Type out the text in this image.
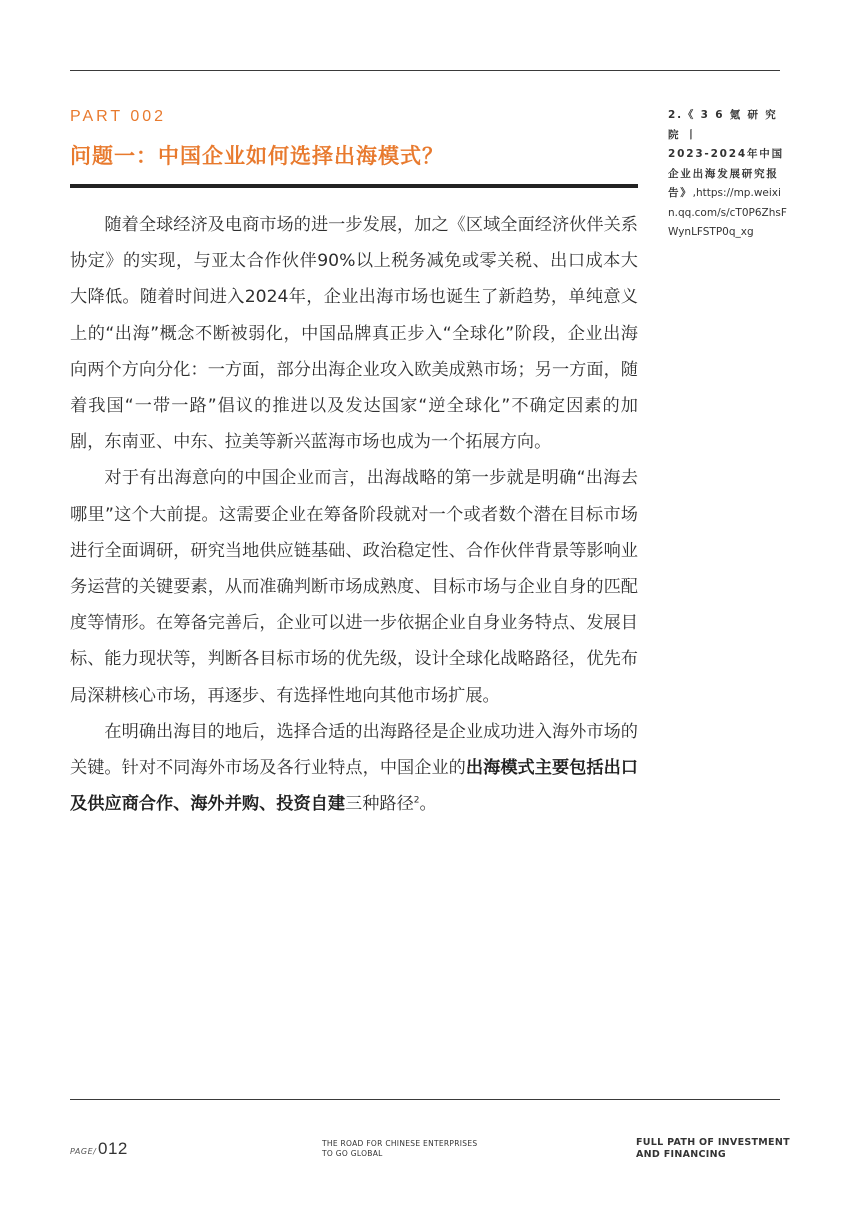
PART 002
问题一：中国企业如何选择出海模式？
2.《 3 6 氪 研 究 院 丨
2023-2024年中国
企业出海发展研究报
告》,https://mp.weixin.qq.com/s/cT0P6ZhsFWynLFSTP0q_xg

随着全球经济及电商市场的进一步发展，加之《区域全面经济伙伴关系协定》的实现，与亚太合作伙伴90%以上税务减免或零关税、出口成本大大降低。随着时间进入2024年，企业出海市场也诞生了新趋势，单纯意义上的“出海”概念不断被弱化，中国品牌真正步入“全球化”阶段，企业出海向两个方向分化：一方面，部分出海企业攻入欧美成熟市场；另一方面，随着我国“一带一路”倡议的推进以及发达国家“逆全球化”不确定因素的加剧，东南亚、中东、拉美等新兴蓝海市场也成为一个拓展方向。

对于有出海意向的中国企业而言，出海战略的第一步就是明确“出海去哪里”这个大前提。这需要企业在筹备阶段就对一个或者数个潜在目标市场进行全面调研，研究当地供应链基础、政治稳定性、合作伙伴背景等影响业务运营的关键要素，从而准确判断市场成熟度、目标市场与企业自身的匹配度等情形。在筹备完善后，企业可以进一步依据企业自身业务特点、发展目标、能力现状等，判断各目标市场的优先级，设计全球化战略路径，优先布局深耕核心市场，再逐步、有选择性地向其他市场扩展。

在明确出海目的地后，选择合适的出海路径是企业成功进入海外市场的关键。针对不同海外市场及各行业特点，中国企业的出海模式主要包括出口及供应商合作、海外并购、投资自建三种路径$^2$。

PAGE/ 012	THE ROAD FOR CHINESE ENTERPRISES
TO GO GLOBAL
FULL PATH OF INVESTMENT
AND FINANCING
